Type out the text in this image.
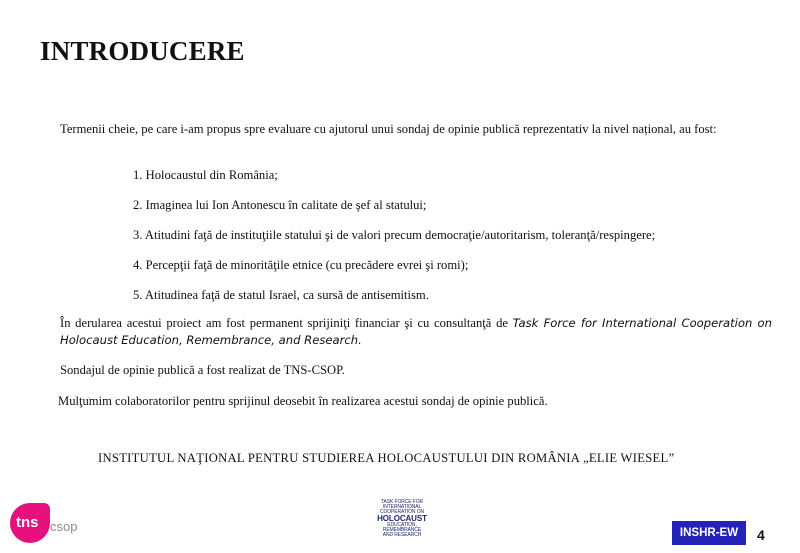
INTRODUCERE
Termenii cheie, pe care i-am propus spre evaluare cu ajutorul unui sondaj de opinie publică reprezentativ la nivel național, au fost:
1. Holocaustul din România;
2. Imaginea lui Ion Antonescu în calitate de şef al statului;
3. Atitudini faţă de instituţiile statului şi de valori precum democraţie/autoritarism, toleranţă/respingere;
4. Percepţii faţă de minorităţile etnice (cu precădere evrei şi romi);
5. Atitudinea faţă de statul Israel, ca sursă de antisemitism.
În derularea acestui proiect am fost permanent sprijiniţi financiar şi cu consultanţă de Task Force for International Cooperation on Holocaust Education, Remembrance, and Research.
Sondajul de opinie publică a fost realizat de TNS-CSOP.
Mulţumim colaboratorilor pentru sprijinul deosebit în realizarea acestui sondaj de opinie publică.
INSTITUTUL NAŢIONAL PENTRU STUDIEREA HOLOCAUSTULUI DIN ROMÂNIA „ELIE WIESEL”
tns csop
TASK FORCE FOR
INTERNATIONAL
COOPERATION ON
HOLOCAUST
EDUCATION,
REMEMBRANCE
AND RESEARCH	INSHR-EW	4
